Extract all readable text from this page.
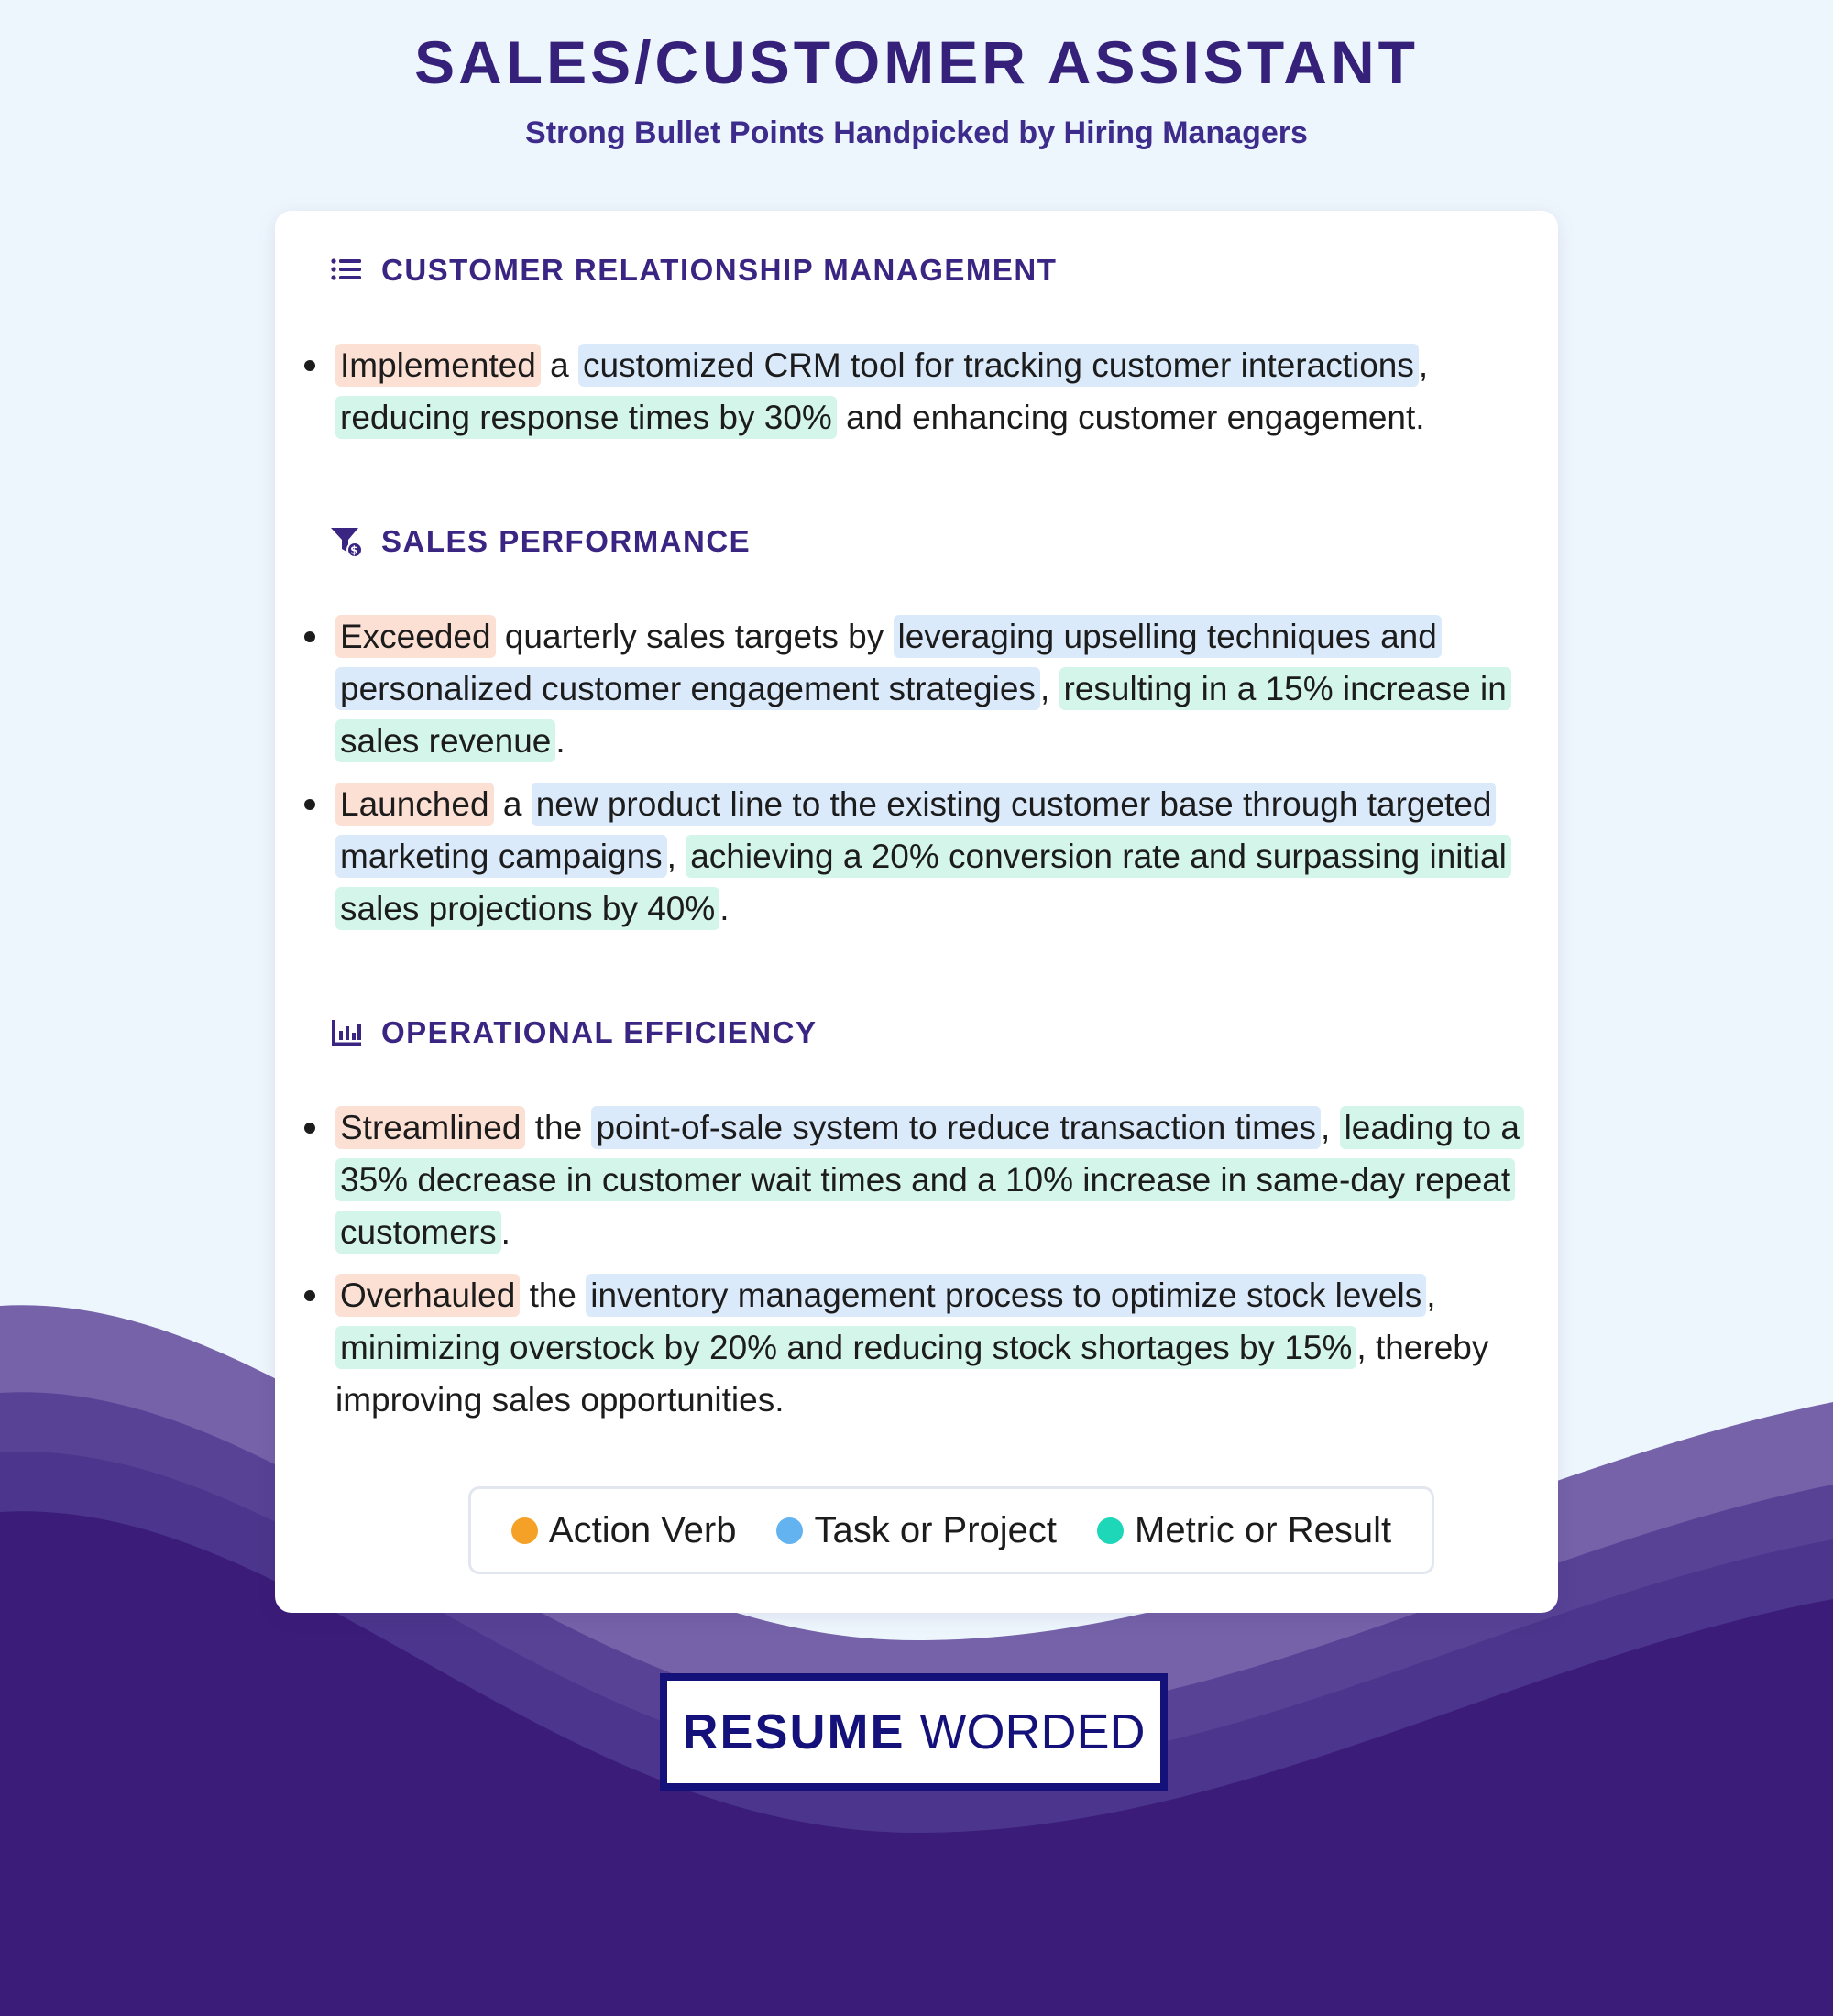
SALES/CUSTOMER ASSISTANT
Strong Bullet Points Handpicked by Hiring Managers
CUSTOMER RELATIONSHIP MANAGEMENT
Implemented a customized CRM tool for tracking customer interactions , reducing response times by 30% and enhancing customer engagement.
$ SALES PERFORMANCE
Exceeded quarterly sales targets by leveraging upselling techniques and personalized customer engagement strategies , resulting in a 15% increase in sales revenue .
Launched a new product line to the existing customer base through targeted marketing campaigns , achieving a 20% conversion rate and surpassing initial sales projections by 40% .
OPERATIONAL EFFICIENCY
Streamlined the point-of-sale system to reduce transaction times , leading to a 35% decrease in customer wait times and a 10% increase in same-day repeat customers .
Overhauled the inventory management process to optimize stock levels , minimizing overstock by 20% and reducing stock shortages by 15% , thereby improving sales opportunities.
Action Verb Task or Project Metric or Result
RESUME WORDED
